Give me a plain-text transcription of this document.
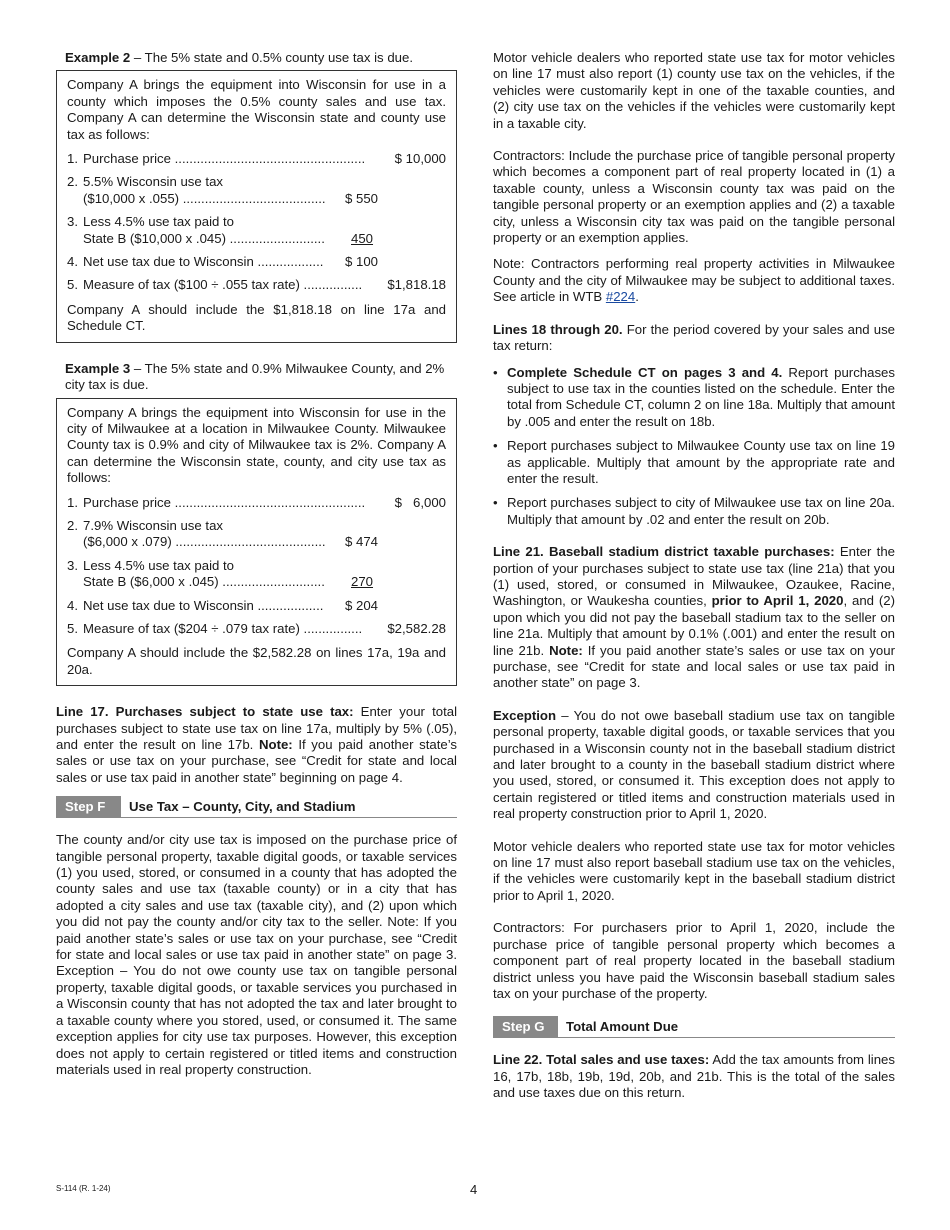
Example 2 – The 5% state and 0.5% county use tax is due.

Company A brings the equipment into Wisconsin for use in a county which imposes the 0.5% county sales and use tax. Company A can determine the Wisconsin state and county use tax as follows:

1. Purchase price ....................................................	$ 10,000
2. 5.5% Wisconsin use tax
($10,000 x .055) .......................................	$ 550
3. Less 4.5% use tax paid to
State B ($10,000 x .045) ..........................	450
4. Net use tax due to Wisconsin ..................	$ 100
5. Measure of tax ($100 ÷ .055 tax rate) ................	$1,818.18

Company A should include the $1,818.18 on line 17a and Schedule CT.

Example 3 – The 5% state and 0.9% Milwaukee County, and 2% city tax is due.

Company A brings the equipment into Wisconsin for use in the city of Milwaukee at a location in Milwaukee County. Milwaukee County tax is 0.9% and city of Milwaukee tax is 2%. Company A can determine the Wisconsin state, county, and city use tax as follows:

1. Purchase price ....................................................	$   6,000
2. 7.9% Wisconsin use tax
($6,000 x .079) .........................................	$ 474
3. Less 4.5% use tax paid to
State B ($6,000 x .045) ............................	270
4. Net use tax due to Wisconsin ..................	$ 204
5. Measure of tax ($204 ÷ .079 tax rate) ................	$2,582.28

Company A should include the $2,582.28 on lines 17a, 19a and 20a.

Line 17. Purchases subject to state use tax: Enter your total purchases subject to state use tax on line 17a, multiply by 5% (.05), and enter the result on line 17b. Note: If you paid another state’s sales or use tax on your purchase, see “Credit for state and local sales or use tax paid in another state” beginning on page 4.

Step F	Use Tax – County, City, and Stadium

The county and/or city use tax is imposed on the purchase price of tangible personal property, taxable digital goods, or taxable services (1) you used, stored, or consumed in a county that has adopted the county sales and use tax (taxable county) or in a city that has adopted a city sales and use tax (taxable city), and (2) upon which you did not pay the county and/or city tax to the seller. Note: If you paid another state’s sales or use tax on your purchase, see “Credit for state and local sales or use tax paid in another state” on page 3. Exception – You do not owe county use tax on tangible personal property, taxable digital goods, or taxable services you purchased in a Wisconsin county that has not adopted the tax and later brought to a taxable county where you stored, used, or consumed it. The same exception applies for city use tax purposes. However, this exception does not apply to certain registered or titled items and construction materials used in real property construction.

Motor vehicle dealers who reported state use tax for motor vehicles on line 17 must also report (1) county use tax on the vehicles, if the vehicles were customarily kept in one of the taxable counties, and (2) city use tax on the vehicles if the vehicles were customarily kept in a taxable city.

Contractors: Include the purchase price of tangible personal property which becomes a component part of real property located in (1) a taxable county, unless a Wisconsin county tax was paid on the tangible personal property or an exemption applies and (2) a taxable city, unless a Wisconsin city tax was paid on the tangible personal property or an exemption applies.

Note: Contractors performing real property activities in Milwaukee County and the city of Milwaukee may be subject to additional taxes. See article in WTB #224.

Lines 18 through 20. For the period covered by your sales and use tax return:

• Complete Schedule CT on pages 3 and 4. Report purchases subject to use tax in the counties listed on the schedule. Enter the total from Schedule CT, column 2 on line 18a. Multiply that amount by .005 and enter the result on 18b.
• Report purchases subject to Milwaukee County use tax on line 19 as applicable. Multiply that amount by the appropriate rate and enter the result.
• Report purchases subject to city of Milwaukee use tax on line 20a. Multiply that amount by .02 and enter the result on 20b.

Line 21. Baseball stadium district taxable purchases: Enter the portion of your purchases subject to state use tax (line 21a) that you (1) used, stored, or consumed in Milwaukee, Ozaukee, Racine, Washington, or Waukesha counties, prior to April 1, 2020, and (2) upon which you did not pay the baseball stadium tax to the seller on line 21a. Multiply that amount by 0.1% (.001) and enter the result on line 21b. Note: If you paid another state’s sales or use tax on your purchase, see “Credit for state and local sales or use tax paid in another state” on page 3.

Exception – You do not owe baseball stadium use tax on tangible personal property, taxable digital goods, or taxable services that you purchased in a Wisconsin county not in the baseball stadium district and later brought to a county in the baseball stadium district where you used, stored, or consumed it. This exception does not apply to certain registered or titled items and construction materials used in real property construction prior to April 1, 2020.

Motor vehicle dealers who reported state use tax for motor vehicles on line 17 must also report baseball stadium use tax on the vehicles, if the vehicles were customarily kept in the baseball stadium district prior to April 1, 2020.

Contractors: For purchasers prior to April 1, 2020, include the purchase price of tangible personal property which becomes a component part of real property located in the baseball stadium district unless you have paid the Wisconsin baseball stadium sales tax on your purchase of the property.

Step G	Total Amount Due

Line 22. Total sales and use taxes: Add the tax amounts from lines 16, 17b, 18b, 19b, 19d, 20b, and 21b. This is the total of the sales and use taxes due on this return.

S-114 (R. 1-24)	4
